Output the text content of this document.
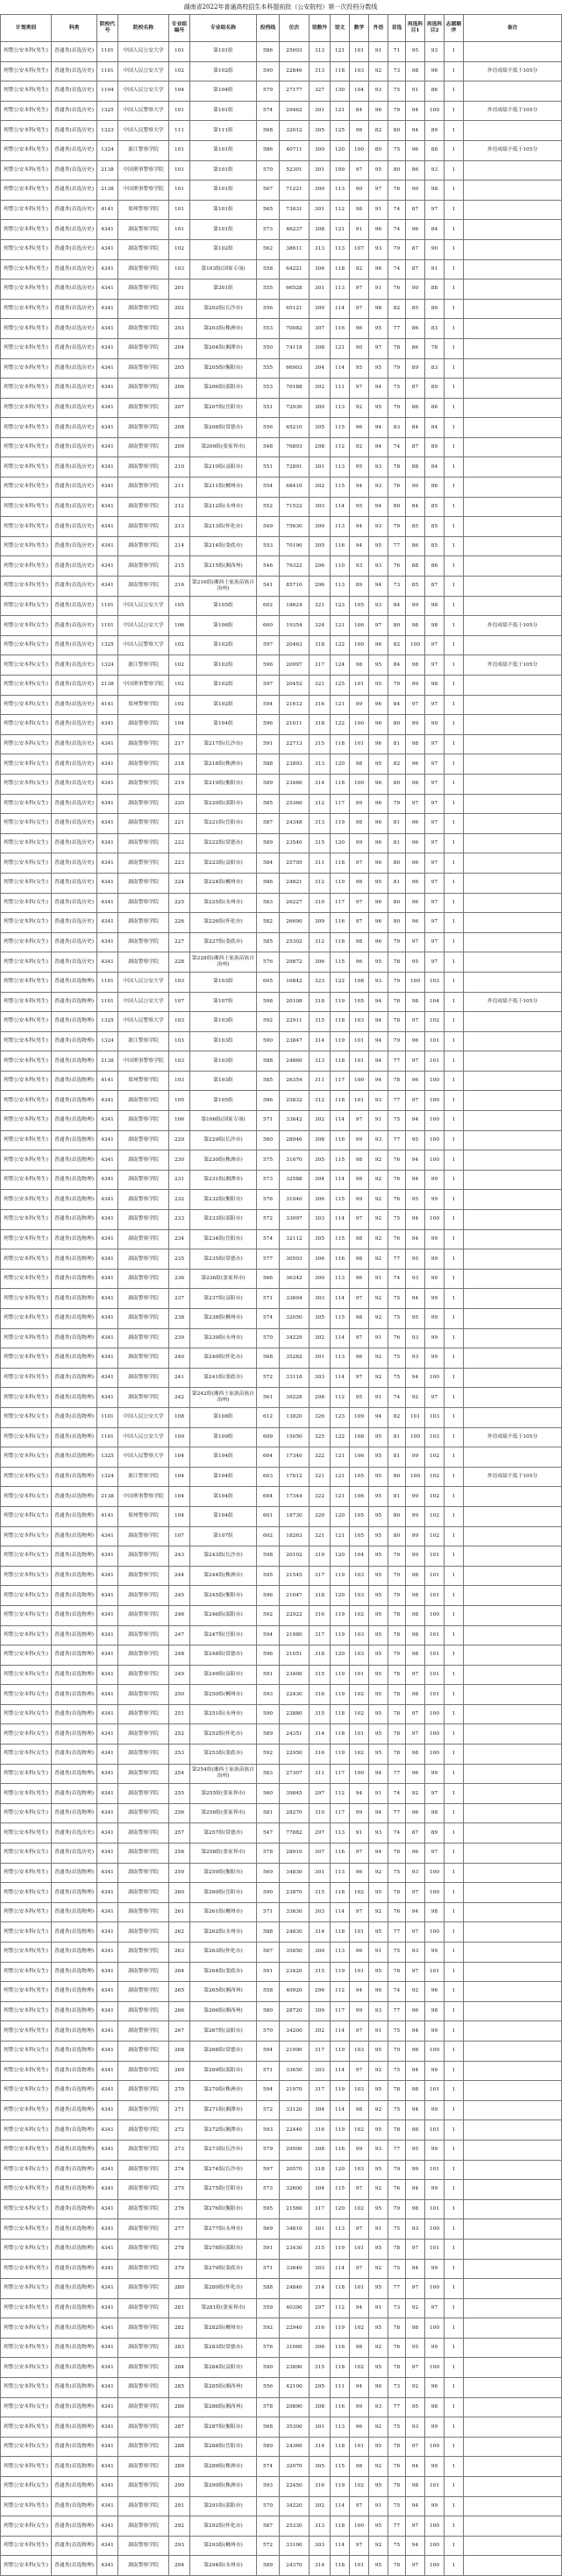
湖南省2022年普通高校招生本科提前批（公安院校）第一次投档分数线
计划类别	科类	院校代号	院校名称	专业组编号	专业组名称	投档线	位次	语数外	语文	数学	外语	首选	再选科目1	再选科目2	志愿顺序	备注
列警公安本科(男生)	普通类(首选历史)	1101	中国人民公安大学	101	第101组	586	25003	313	121	101	91	71	95	93	1	
列警公安本科(男生)	普通类(首选历史)	1101	中国人民公安大学	102	第102组	590	22846	313	118	103	92	73	98	96	1	外语成绩不低于105分
列警公安本科(男生)	普通类(首选历史)	1104	中国人民公安大学	104	第104组	579	27177	327	130	104	93	75	91	86	1	
列警公安本科(男生)	普通类(首选历史)	1325	中国人民警察大学	101	第101组	574	29462	301	121	84	96	79	94	100	1	外语成绩不低于105分
列警公安本科(男生)	普通类(首选历史)	1323	中国人民警察大学	111	第111组	568	32012	305	125	98	82	80	94	89	1	
列警公安本科(男生)	普通类(首选历史)	1324	浙江警察学院	101	第101组	586	40711	300	120	100	80	75	96	88	1	外语成绩不低于105分
列警公安本科(男生)	普通类(首选历史)	2138	中国刑事警察学院	101	第101组	570	52301	301	109	97	95	80	86	93	1	
列警公安本科(男生)	普通类(首选历史)	2138	中国刑事警察学院	101	第101组	567	71221	300	113	90	97	76	90	98	1	
列警公安本科(男生)	普通类(首选历史)	4141	郑州警察学院	101	第101组	565	73031	301	112	98	91	74	87	97	1	
列警公安本科(男生)	普通类(首选历史)	4341	湖南警察学院	101	第101组	573	46237	308	121	91	96	74	96	84	1	
列警公安本科(男生)	普通类(首选历史)	4341	湖南警察学院	102	第102组	562	38611	313	113	107	93	79	87	90	1	
列警公安本科(男生)	普通类(首选历史)	4341	湖南警察学院	103	第103组(国家专项)	558	64221	306	118	92	96	74	87	91	1	
列警公安本科(男生)	普通类(首选历史)	4341	湖南警察学院	201	第201组	555	66528	301	113	97	91	76	90	88	1	
列警公安本科(男生)	普通类(首选历史)	4341	湖南警察学院	202	第202组(长沙市)	556	65121	309	114	97	98	82	85	80	1	
列警公安本科(男生)	普通类(首选历史)	4341	湖南警察学院	203	第203组(株洲市)	553	70082	307	116	96	95	77	86	83	1	
列警公安本科(男生)	普通类(首选历史)	4341	湖南警察学院	204	第204组(湘潭市)	550	74118	308	121	90	97	78	86	78	1	
列警公安本科(男生)	普通类(首选历史)	4341	湖南警察学院	205	第205组(衡阳市)	555	66903	304	114	95	95	79	89	83	1	
列警公安本科(男生)	普通类(首选历史)	4341	湖南警察学院	206	第206组(邵阳市)	553	70188	302	111	97	94	75	87	89	1	
列警公安本科(男生)	普通类(首选历史)	4341	湖南警察学院	207	第207组(岳阳市)	551	72936	300	113	92	95	79	86	86	1	
列警公安本科(男生)	普通类(首选历史)	4341	湖南警察学院	208	第208组(常德市)	556	65210	305	115	96	94	83	84	84	1	
列警公安本科(男生)	普通类(首选历史)	4341	湖南警察学院	209	第209组(张家界市)	548	76893	298	112	92	94	74	87	89	1	
列警公安本科(男生)	普通类(首选历史)	4341	湖南警察学院	210	第210组(益阳市)	551	72891	301	113	95	93	78	88	84	1	
列警公安本科(男生)	普通类(首选历史)	4341	湖南警察学院	211	第211组(郴州市)	554	68410	302	115	94	93	76	90	86	1	
列警公安本科(男生)	普通类(首选历史)	4341	湖南警察学院	212	第212组(永州市)	552	71522	303	114	95	94	80	84	85	1	
列警公安本科(男生)	普通类(首选历史)	4341	湖南警察学院	213	第213组(怀化市)	549	75630	300	113	94	93	79	85	85	1	
列警公安本科(男生)	普通类(首选历史)	4341	湖南警察学院	214	第214组(娄底市)	553	70190	305	116	94	95	77	86	85	1	
列警公安本科(男生)	普通类(首选历史)	4341	湖南警察学院	215	第215组(湘西州)	546	79322	296	110	93	93	76	88	86	1	
列警公安本科(男生)	普通类(首选历史)	4341	湖南警察学院	216	第216组(湘西土家族苗族自治州)	541	85710	296	113	89	94	73	85	87	1	
列警公安本科(女生)	普通类(首选历史)	1101	中国人民公安大学	105	第105组	602	18624	321	123	105	93	84	99	98	1	
列警公安本科(女生)	普通类(首选历史)	1101	中国人民公安大学	106	第106组	600	19354	324	121	106	97	80	98	98	1	外语成绩不低于105分
列警公安本科(女生)	普通类(首选历史)	1325	中国人民警察大学	102	第102组	597	20463	318	122	100	96	82	100	97	1	
列警公安本科(女生)	普通类(首选历史)	1324	浙江警察学院	102	第102组	596	20997	317	124	98	95	84	98	97	1	外语成绩不低于105分
列警公安本科(女生)	普通类(首选历史)	2138	中国刑事警察学院	102	第102组	597	20452	321	125	101	95	79	99	98	1	
列警公安本科(女生)	普通类(首选历史)	4141	郑州警察学院	102	第102组	594	21612	316	121	99	96	84	97	97	1	
列警公安本科(女生)	普通类(首选历史)	4341	湖南警察学院	104	第104组	596	21011	318	122	100	96	80	99	99	1	
列警公安本科(女生)	普通类(首选历史)	4341	湖南警察学院	217	第217组(长沙市)	591	22713	315	118	101	96	81	98	97	1	
列警公安本科(女生)	普通类(首选历史)	4341	湖南警察学院	218	第218组(株洲市)	588	23893	313	120	98	95	82	96	97	1	
列警公安本科(女生)	普通类(首选历史)	4341	湖南警察学院	219	第219组(衡阳市)	589	23466	314	118	100	96	80	98	97	1	
列警公安本科(女生)	普通类(首选历史)	4341	湖南警察学院	220	第220组(邵阳市)	585	25360	312	117	99	96	79	97	97	1	
列警公安本科(女生)	普通类(首选历史)	4341	湖南警察学院	221	第221组(岳阳市)	587	24348	313	119	98	96	81	96	97	1	
列警公安本科(女生)	普通类(首选历史)	4341	湖南警察学院	222	第222组(常德市)	589	23540	315	120	99	96	81	96	97	1	
列警公安本科(女生)	普通类(首选历史)	4341	湖南警察学院	223	第223组(益阳市)	584	25795	311	118	97	96	80	96	97	1	
列警公安本科(女生)	普通类(首选历史)	4341	湖南警察学院	224	第224组(郴州市)	586	24821	312	119	98	95	81	96	97	1	
列警公安本科(女生)	普通类(首选历史)	4341	湖南警察学院	225	第225组(永州市)	583	26227	310	117	97	96	80	96	97	1	
列警公安本科(女生)	普通类(首选历史)	4341	湖南警察学院	226	第226组(怀化市)	582	26690	309	116	97	96	80	96	97	1	
列警公安本科(女生)	普通类(首选历史)	4341	湖南警察学院	227	第227组(娄底市)	585	25302	312	118	98	96	79	97	97	1	
列警公安本科(女生)	普通类(首选历史)	4341	湖南警察学院	228	第228组(湘西土家族苗族自治州)	576	29872	306	115	96	95	78	95	97	1	
列警公安本科(男生)	普通类(首选物理)	1101	中国人民公安大学	103	第103组	605	16842	323	122	108	93	79	100	103	1	
列警公安本科(男生)	普通类(首选物理)	1101	中国人民公安大学	107	第107组	598	20108	318	119	105	94	78	98	104	1	外语成绩不低于105分
列警公安本科(男生)	普通类(首选物理)	1325	中国人民警察大学	103	第103组	592	22911	315	118	103	94	78	97	102	1	
列警公安本科(男生)	普通类(首选物理)	1324	浙江警察学院	103	第103组	590	23847	314	119	101	94	79	96	101	1	
列警公安本科(男生)	普通类(首选物理)	2138	中国刑事警察学院	103	第103组	588	24860	313	118	101	94	77	97	101	1	
列警公安本科(男生)	普通类(首选物理)	4141	郑州警察学院	103	第103组	585	26354	311	117	100	94	78	96	100	1	
列警公安本科(男生)	普通类(首选物理)	4341	湖南警察学院	105	第105组	586	25832	312	118	101	93	77	97	100	1	
列警公安本科(男生)	普通类(首选物理)	4341	湖南警察学院	106	第106组(国家专项)	571	33642	302	114	97	91	75	94	100	1	
列警公安本科(男生)	普通类(首选物理)	4341	湖南警察学院	229	第229组(长沙市)	580	28946	308	116	99	93	77	95	100	1	
列警公安本科(男生)	普通类(首选物理)	4341	湖南警察学院	230	第230组(株洲市)	575	31670	305	115	98	92	76	94	100	1	
列警公安本科(男生)	普通类(首选物理)	4341	湖南警察学院	231	第231组(湘潭市)	573	32588	304	114	98	92	76	94	99	1	
列警公安本科(男生)	普通类(首选物理)	4341	湖南警察学院	232	第232组(衡阳市)	576	31040	306	115	99	92	76	95	99	1	
列警公安本科(男生)	普通类(首选物理)	4341	湖南警察学院	233	第233组(邵阳市)	572	33097	303	114	97	92	75	94	100	1	
列警公安本科(男生)	普通类(首选物理)	4341	湖南警察学院	234	第234组(岳阳市)	574	32112	305	115	98	92	76	94	99	1	
列警公安本科(男生)	普通类(首选物理)	4341	湖南警察学院	235	第235组(常德市)	577	30503	306	116	98	92	77	95	99	1	
列警公安本科(男生)	普通类(首选物理)	4341	湖南警察学院	236	第236组(张家界市)	566	36342	300	113	96	91	74	93	99	1	
列警公安本科(男生)	普通类(首选物理)	4341	湖南警察学院	237	第237组(益阳市)	571	33604	303	114	97	92	75	94	99	1	
列警公安本科(男生)	普通类(首选物理)	4341	湖南警察学院	238	第238组(郴州市)	574	32050	305	115	98	92	75	95	99	1	
列警公安本科(男生)	普通类(首选物理)	4341	湖南警察学院	239	第239组(永州市)	570	34229	302	114	97	91	76	93	99	1	
列警公安本科(男生)	普通类(首选物理)	4341	湖南警察学院	240	第240组(怀化市)	568	35282	301	113	96	92	75	93	99	1	
列警公安本科(男生)	普通类(首选物理)	4341	湖南警察学院	241	第241组(娄底市)	572	33118	303	114	97	92	75	94	100	1	
列警公安本科(男生)	普通类(首选物理)	4341	湖南警察学院	242	第242组(湘西土家族苗族自治州)	561	39228	298	112	95	91	74	92	97	1	
列警公安本科(女生)	普通类(首选物理)	1101	中国人民公安大学	108	第108组	612	13820	326	123	109	94	82	101	103	1	
列警公安本科(女生)	普通类(首选物理)	1101	中国人民公安大学	109	第109组	609	15050	325	122	108	95	81	100	103	1	外语成绩不低于105分
列警公安本科(女生)	普通类(首选物理)	1325	中国人民警察大学	104	第104组	604	17340	322	121	106	95	81	99	102	1	
列警公安本科(女生)	普通类(首选物理)	1324	浙江警察学院	104	第104组	603	17812	321	121	105	95	80	100	102	1	外语成绩不低于105分
列警公安本科(女生)	普通类(首选物理)	2138	中国刑事警察学院	104	第104组	604	17344	322	121	106	95	81	99	102	1	
列警公安本科(女生)	普通类(首选物理)	4141	郑州警察学院	104	第104组	601	18730	320	120	105	95	80	99	102	1	
列警公安本科(女生)	普通类(首选物理)	4341	湖南警察学院	107	第107组	602	18263	321	121	105	95	80	99	102	1	
列警公安本科(女生)	普通类(首选物理)	4341	湖南警察学院	243	第243组(长沙市)	598	20102	319	120	104	95	79	99	101	1	
列警公安本科(女生)	普通类(首选物理)	4341	湖南警察学院	244	第244组(株洲市)	595	21545	317	119	103	95	79	98	101	1	
列警公安本科(女生)	普通类(首选物理)	4341	湖南警察学院	245	第245组(衡阳市)	596	21047	318	120	103	95	79	98	101	1	
列警公安本科(女生)	普通类(首选物理)	4341	湖南警察学院	246	第246组(邵阳市)	592	22922	316	119	102	95	78	98	100	1	
列警公安本科(女生)	普通类(首选物理)	4341	湖南警察学院	247	第247组(岳阳市)	594	21980	317	119	103	95	78	98	101	1	
列警公安本科(女生)	普通类(首选物理)	4341	湖南警察学院	248	第248组(常德市)	596	21051	318	120	103	95	79	98	101	1	
列警公安本科(女生)	普通类(首选物理)	4341	湖南警察学院	249	第249组(益阳市)	591	23400	315	119	101	95	78	97	101	1	
列警公安本科(女生)	普通类(首选物理)	4341	湖南警察学院	250	第250组(郴州市)	593	22430	316	119	102	95	78	98	101	1	
列警公安本科(女生)	普通类(首选物理)	4341	湖南警察学院	251	第251组(永州市)	590	23880	315	118	102	95	78	97	100	1	
列警公安本科(女生)	普通类(首选物理)	4341	湖南警察学院	252	第252组(怀化市)	589	24351	314	118	101	95	78	97	100	1	
列警公安本科(女生)	普通类(首选物理)	4341	湖南警察学院	253	第253组(娄底市)	592	22950	316	119	102	95	78	98	100	1	
列警公安本科(女生)	普通类(首选物理)	4341	湖南警察学院	254	第254组(湘西土家族苗族自治州)	583	27307	311	117	100	94	77	96	99	1	
列警公安本科(男生)	普通类(首选物理)	4341	湖南警察学院	255	第255组(张家界市)	560	39845	297	112	94	91	74	92	97	1	
列警公安本科(女生)	普通类(首选物理)	4341	湖南警察学院	256	第256组(张家界市)	581	28270	310	117	99	94	77	96	98	1	
列警公安本科(男生)	普通类(首选历史)	4341	湖南警察学院	257	第257组(常德市)	547	77882	297	113	91	93	74	87	89	1	
列警公安本科(女生)	普通类(首选历史)	4341	湖南警察学院	258	第258组(张家界市)	578	28910	307	116	97	94	78	96	97	1	
列警公安本科(男生)	普通类(首选物理)	4341	湖南警察学院	259	第259组(衡阳市)	569	34830	301	113	96	92	75	93	100	1	
列警公安本科(女生)	普通类(首选物理)	4341	湖南警察学院	260	第260组(岳阳市)	590	23870	315	118	102	95	78	97	100	1	
列警公安本科(男生)	普通类(首选物理)	4341	湖南警察学院	261	第261组(郴州市)	571	33630	303	114	97	92	76	94	98	1	
列警公安本科(女生)	普通类(首选物理)	4341	湖南警察学院	262	第262组(永州市)	588	24830	314	118	101	95	77	97	100	1	
列警公安本科(男生)	普通类(首选物理)	4341	湖南警察学院	263	第263组(怀化市)	567	35850	300	113	96	91	75	93	99	1	
列警公安本科(女生)	普通类(首选物理)	4341	湖南警察学院	264	第264组(娄底市)	591	23420	315	119	101	95	78	97	101	1	
列警公安本科(男生)	普通类(首选物理)	4341	湖南警察学院	265	第265组(湘西州)	558	40920	296	112	94	90	74	92	96	1	
列警公安本科(女生)	普通类(首选物理)	4341	湖南警察学院	266	第266组(湘西州)	580	28720	309	117	99	93	77	96	98	1	
列警公安本科(男生)	普通类(首选物理)	4341	湖南警察学院	267	第267组(益阳市)	570	34200	302	114	97	91	75	94	99	1	
列警公安本科(女生)	普通类(首选物理)	4341	湖南警察学院	268	第268组(常德市)	594	21990	317	119	103	95	79	98	100	1	
列警公安本科(男生)	普通类(首选物理)	4341	湖南警察学院	269	第269组(邵阳市)	571	33650	303	114	97	92	75	94	99	1	
列警公安本科(女生)	普通类(首选物理)	4341	湖南警察学院	270	第270组(株洲市)	594	21970	317	119	103	95	78	98	101	1	
列警公安本科(男生)	普通类(首选物理)	4341	湖南警察学院	271	第271组(湘潭市)	572	33120	304	114	98	92	75	94	99	1	
列警公安本科(女生)	普通类(首选物理)	4341	湖南警察学院	272	第272组(湘潭市)	593	22440	316	119	102	95	78	98	101	1	
列警公安本科(男生)	普通类(首选物理)	4341	湖南警察学院	273	第273组(长沙市)	579	29500	308	116	99	93	77	95	99	1	
列警公安本科(女生)	普通类(首选物理)	4341	湖南警察学院	274	第274组(长沙市)	597	20570	318	120	103	95	79	99	101	1	
列警公安本科(男生)	普通类(首选物理)	4341	湖南警察学院	275	第275组(岳阳市)	573	32600	304	115	97	92	76	94	99	1	
列警公安本科(女生)	普通类(首选物理)	4341	湖南警察学院	276	第276组(衡阳市)	595	21560	317	120	102	95	79	98	101	1	
列警公安本科(男生)	普通类(首选物理)	4341	湖南警察学院	277	第277组(永州市)	569	34810	301	113	97	91	75	93	100	1	
列警公安本科(女生)	普通类(首选物理)	4341	湖南警察学院	278	第278组(邵阳市)	591	23430	315	119	101	95	78	97	101	1	
列警公安本科(男生)	普通类(首选物理)	4341	湖南警察学院	279	第279组(娄底市)	571	33640	303	114	97	92	75	94	99	1	
列警公安本科(女生)	普通类(首选物理)	4341	湖南警察学院	280	第280组(怀化市)	588	24840	314	118	101	95	77	97	100	1	
列警公安本科(男生)	普通类(首选物理)	4341	湖南警察学院	281	第281组(张家界市)	559	40390	297	112	94	91	73	92	97	1	
列警公安本科(女生)	普通类(首选物理)	4341	湖南警察学院	282	第282组(郴州市)	592	22940	316	119	102	95	78	98	100	1	
列警公安本科(男生)	普通类(首选物理)	4341	湖南警察学院	283	第283组(常德市)	576	31060	306	116	98	92	76	95	99	1	
列警公安本科(女生)	普通类(首选物理)	4341	湖南警察学院	284	第284组(益阳市)	590	23890	315	118	102	95	78	97	100	1	
列警公安本科(男生)	普通类(首选物理)	4341	湖南警察学院	285	第285组(湘西州)	556	42100	295	111	94	90	73	92	96	1	
列警公安本科(女生)	普通类(首选物理)	4341	湖南警察学院	286	第286组(湘西州)	578	29890	308	116	99	93	77	95	98	1	
列警公安本科(男生)	普通类(首选物理)	4341	湖南警察学院	287	第287组(衡阳市)	568	35300	301	113	96	92	75	93	99	1	
列警公安本科(女生)	普通类(首选物理)	4341	湖南警察学院	288	第288组(岳阳市)	589	24360	314	118	101	95	78	97	100	1	
列警公安本科(男生)	普通类(首选物理)	4341	湖南警察学院	289	第289组(株洲市)	574	32070	305	115	98	92	76	94	99	1	
列警公安本科(女生)	普通类(首选物理)	4341	湖南警察学院	290	第290组(株洲市)	593	22450	316	119	102	95	78	98	101	1	
列警公安本科(男生)	普通类(首选物理)	4341	湖南警察学院	291	第291组(邵阳市)	570	34220	302	114	97	91	75	94	99	1	
列警公安本科(女生)	普通类(首选物理)	4341	湖南警察学院	292	第292组(怀化市)	587	25330	313	118	100	95	77	97	100	1	
列警公安本科(男生)	普通类(首选物理)	4341	湖南警察学院	293	第293组(郴州市)	572	33100	303	114	97	92	75	94	100	1	
列警公安本科(女生)	普通类(首选物理)	4341	湖南警察学院	294	第294组(永州市)	589	24370	314	118	101	95	78	97	100	1	
